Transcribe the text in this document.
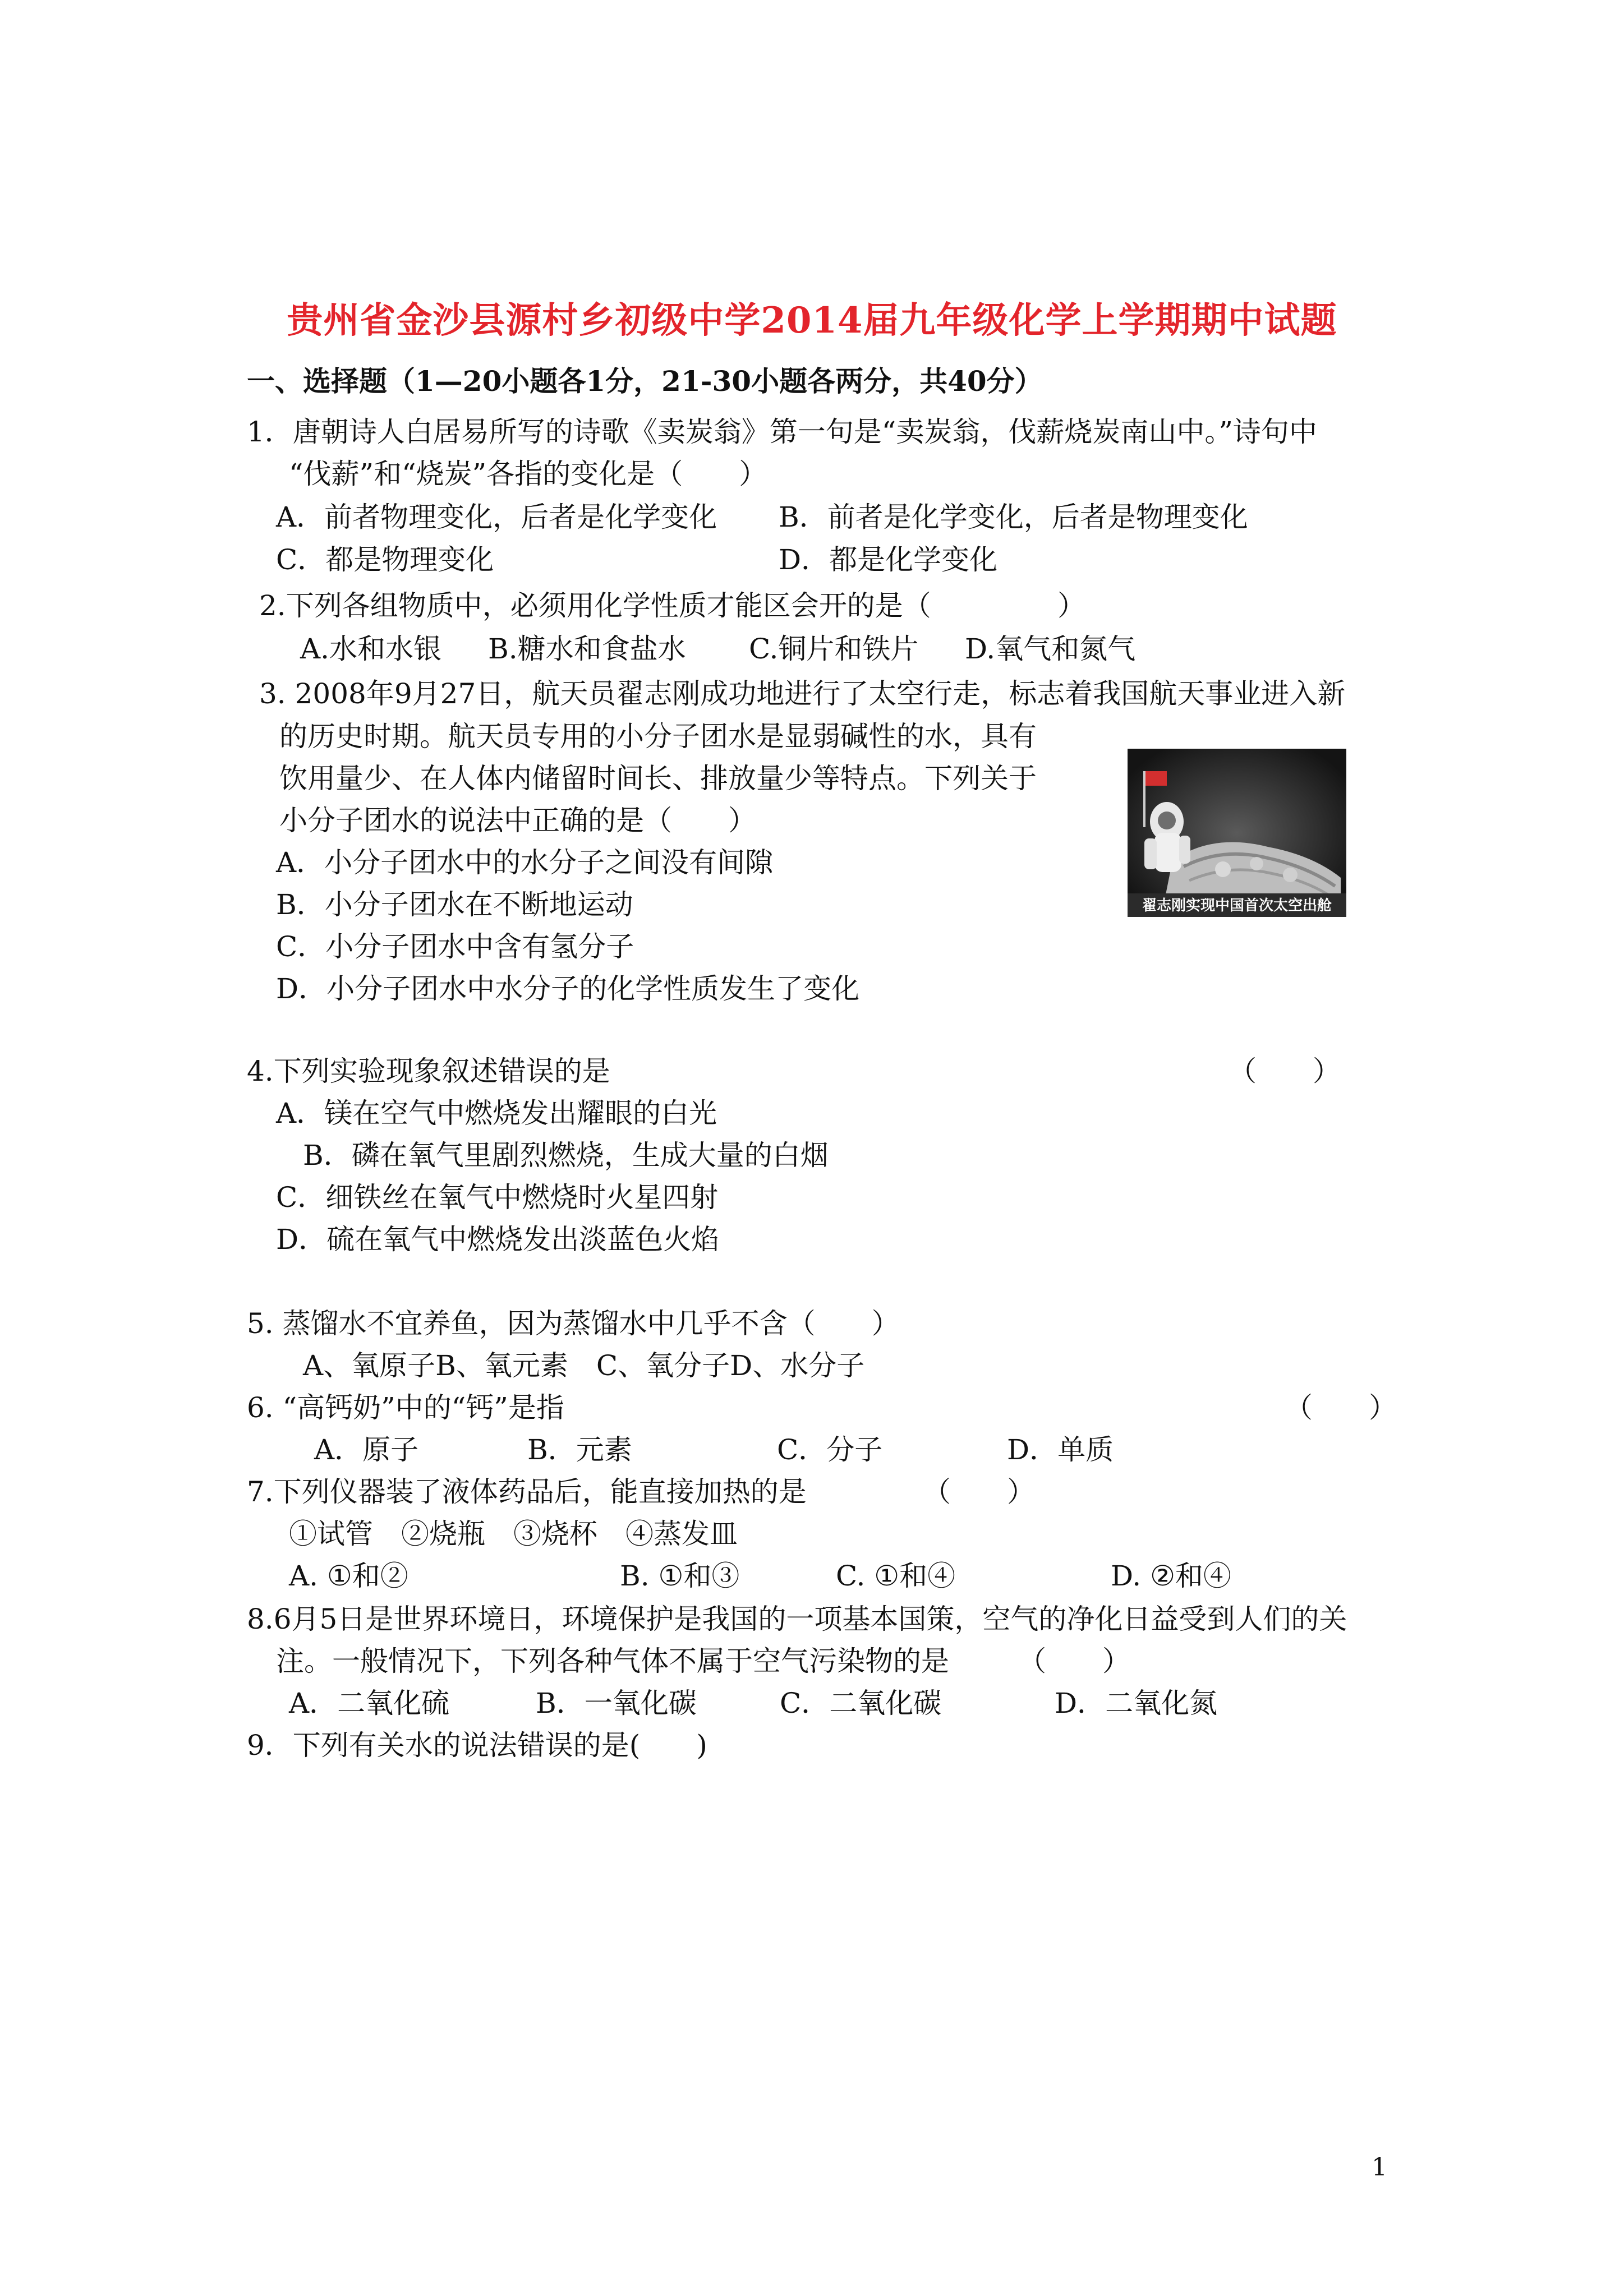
贵州省金沙县源村乡初级中学2014届九年级化学上学期期中试题
一、选择题（1—20小题各1分，21-30小题各两分，共40分）
1．唐朝诗人白居易所写的诗歌《卖炭翁》第一句是“卖炭翁，伐薪烧炭南山中。”诗句中
“伐薪”和“烧炭”各指的变化是（　　）
A．前者物理变化，后者是化学变化 B．前者是化学变化，后者是物理变化
C．都是物理变化	D．都是化学变化
2.下列各组物质中，必须用化学性质才能区会开的是（	）
A.水和水银 B.糖水和食盐水 C.铜片和铁片 D.氧气和氮气
3. 2008年9月27日，航天员翟志刚成功地进行了太空行走，标志着我国航天事业进入新
的历史时期。航天员专用的小分子团水是显弱碱性的水，具有
饮用量少、在人体内储留时间长、排放量少等特点。下列关于
小分子团水的说法中正确的是（　　）
A．小分子团水中的水分子之间没有间隙
B．小分子团水在不断地运动
C．小分子团水中含有氢分子
D．小分子团水中水分子的化学性质发生了变化
翟志刚实现中国首次太空出舱
4.下列实验现象叙述错误的是	（　　）
A．镁在空气中燃烧发出耀眼的白光
B．磷在氧气里剧烈燃烧，生成大量的白烟
C．细铁丝在氧气中燃烧时火星四射
D．硫在氧气中燃烧发出淡蓝色火焰
5. 蒸馏水不宜养鱼，因为蒸馏水中几乎不含（　　）
A、氧原子B、氧元素　C、氧分子D、水分子
6. “高钙奶”中的“钙”是指	（　　）
A．原子	B．元素	C．分子	D．单质
7.下列仪器装了液体药品后，能直接加热的是	（　　）
①试管　②烧瓶　③烧杯　④蒸发皿
A. ①和②	B. ①和③	C. ①和④	D. ②和④
8.6月5日是世界环境日，环境保护是我国的一项基本国策，空气的净化日益受到人们的关
注。一般情况下，下列各种气体不属于空气污染物的是 （　　）
A．二氧化硫	B．一氧化碳	C．二氧化碳	D．二氧化氮
9．下列有关水的说法错误的是(　　)
1
